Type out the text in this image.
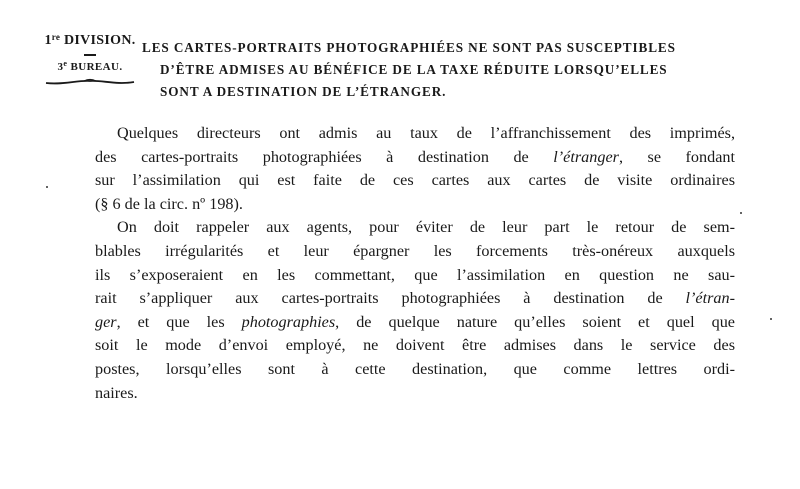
1re DIVISION.
3e BUREAU.
LES CARTES-PORTRAITS PHOTOGRAPHIÉES NE SONT PAS SUSCEPTIBLES
D’ÊTRE ADMISES AU BÉNÉFICE DE LA TAXE RÉDUITE LORSQU’ELLES
SONT A DESTINATION DE L’ÉTRANGER.
Quelques directeurs ont admis au taux de l’affranchissement des imprimés,
des cartes-portraits photographiées à destination de l’étranger, se fondant
sur l’assimilation qui est faite de ces cartes aux cartes de visite ordinaires
(§ 6 de la circ. nº 198).
On doit rappeler aux agents, pour éviter de leur part le retour de sem-
blables irrégularités et leur épargner les forcements très-onéreux auxquels
ils s’exposeraient en les commettant, que l’assimilation en question ne sau-
rait s’appliquer aux cartes-portraits photographiées à destination de l’étran-
ger, et que les photographies, de quelque nature qu’elles soient et quel que
soit le mode d’envoi employé, ne doivent être admises dans le service des
postes, lorsqu’elles sont à cette destination, que comme lettres ordi-
naires.
